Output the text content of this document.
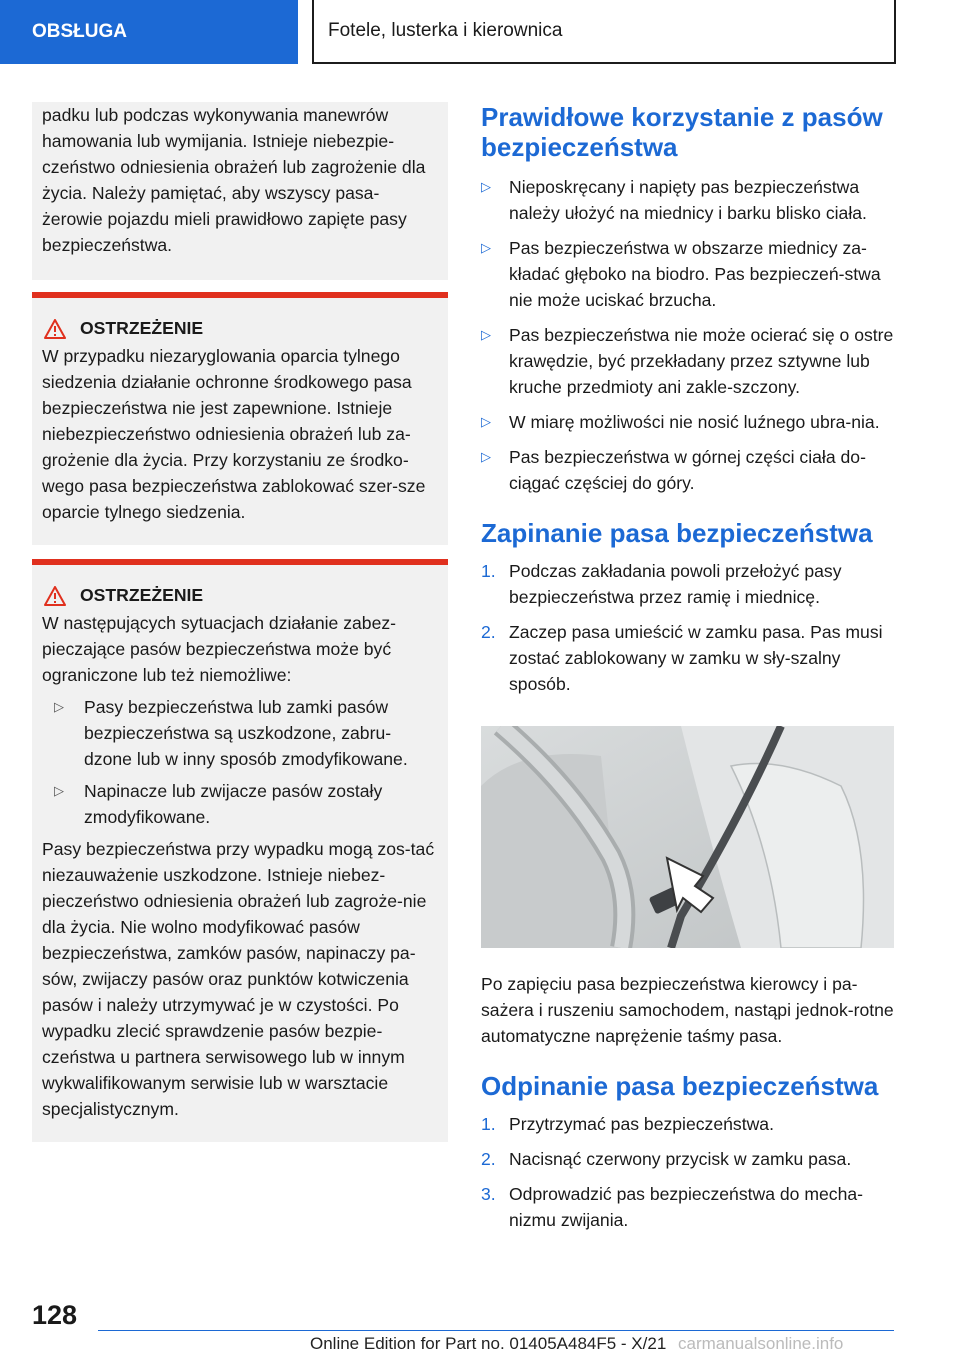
OBSŁUGA	Fotele, lusterka i kierownica

padku lub podczas wykonywania manewrów hamowania lub wymijania. Istnieje niebezpie‐czeństwo odniesienia obrażeń lub zagrożenie dla życia. Należy pamiętać, aby wszyscy pasa‐żerowie pojazdu mieli prawidłowo zapięte pasy bezpieczeństwa.

OSTRZEŻENIE

W przypadku niezaryglowania oparcia tylnego siedzenia działanie ochronne środkowego pasa bezpieczeństwa nie jest zapewnione. Istnieje niebezpieczeństwo odniesienia obrażeń lub za‐grożenie dla życia. Przy korzystaniu ze środko‐wego pasa bezpieczeństwa zablokować szer‐sze oparcie tylnego siedzenia.

OSTRZEŻENIE

W następujących sytuacjach działanie zabez‐pieczające pasów bezpieczeństwa może być ograniczone lub też niemożliwe:

▷ Pasy bezpieczeństwa lub zamki pasów bezpieczeństwa są uszkodzone, zabru‐dzone lub w inny sposób zmodyfikowane.
▷ Napinacze lub zwijacze pasów zostały zmodyfikowane.

Pasy bezpieczeństwa przy wypadku mogą zos‐tać niezauważenie uszkodzone. Istnieje niebez‐pieczeństwo odniesienia obrażeń lub zagroże‐nie dla życia. Nie wolno modyfikować pasów bezpieczeństwa, zamków pasów, napinaczy pa‐sów, zwijaczy pasów oraz punktów kotwiczenia pasów i należy utrzymywać je w czystości. Po wypadku zlecić sprawdzenie pasów bezpie‐czeństwa u partnera serwisowego lub w innym wykwalifikowanym serwisie lub w warsztacie specjalistycznym.

Prawidłowe korzystanie z pasów bezpieczeństwa
▷ Nieposkręcany i napięty pas bezpieczeństwa należy ułożyć na miednicy i barku blisko ciała.
▷ Pas bezpieczeństwa w obszarze miednicy za‐kładać głęboko na biodro. Pas bezpieczeń‐stwa nie może uciskać brzucha.
▷ Pas bezpieczeństwa nie może ocierać się o ostre krawędzie, być przekładany przez sztywne lub kruche przedmioty ani zakle‐szczony.
▷ W miarę możliwości nie nosić luźnego ubra‐nia.
▷ Pas bezpieczeństwa w górnej części ciała do‐ciągać częściej do góry.
Zapinanie pasa bezpieczeństwa
1. Podczas zakładania powoli przełożyć pasy bezpieczeństwa przez ramię i miednicę.
2. Zaczep pasa umieścić w zamku pasa. Pas musi zostać zablokowany w zamku w sły‐szalny sposób.

Po zapięciu pasa bezpieczeństwa kierowcy i pa‐sażera i ruszeniu samochodem, nastąpi jednok‐rotne automatyczne naprężenie taśmy pasa.

Odpinanie pasa bezpieczeństwa
1. Przytrzymać pas bezpieczeństwa.
2. Nacisnąć czerwony przycisk w zamku pasa.
3. Odprowadzić pas bezpieczeństwa do mecha‐nizmu zwijania.
128
Online Edition for Part no. 01405A484F5 - X/21 carmanualsonline.info
